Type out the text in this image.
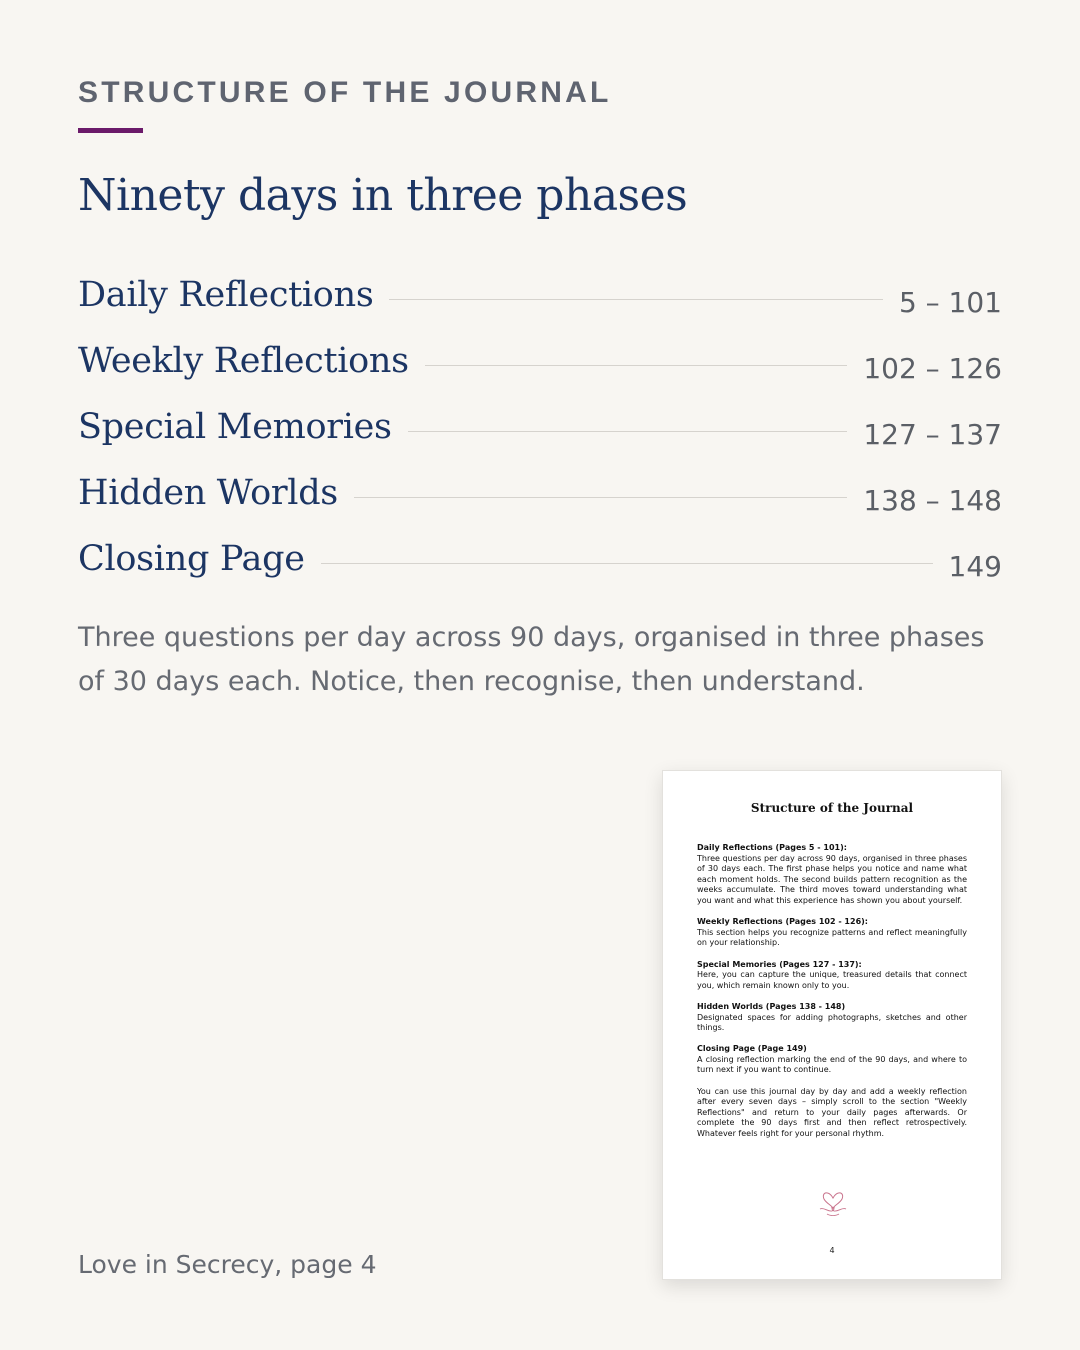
STRUCTURE OF THE JOURNAL
Ninety days in three phases
Daily Reflections	5 – 101
Weekly Reflections	102 – 126
Special Memories	127 – 137
Hidden Worlds	138 – 148
Closing Page	149

Three questions per day across 90 days, organised in three phases of 30 days each. Notice, then recognise, then understand.

Love in Secrecy, page 4
Structure of the Journal
Daily Reflections (Pages 5 - 101):
Three questions per day across 90 days, organised in three phases of 30 days each. The first phase helps you notice and name what each moment holds. The second builds pattern recognition as the weeks accumulate. The third moves toward understanding what you want and what this experience has shown you about yourself.
Weekly Reflections (Pages 102 - 126):
This section helps you recognize patterns and reflect meaningfully on your relationship.
Special Memories (Pages 127 - 137):
Here, you can capture the unique, treasured details that connect you, which remain known only to you.
Hidden Worlds (Pages 138 - 148)
Designated spaces for adding photographs, sketches and other things.
Closing Page (Page 149)
A closing reflection marking the end of the 90 days, and where to turn next if you want to continue.
You can use this journal day by day and add a weekly reflection after every seven days – simply scroll to the section "Weekly Reflections" and return to your daily pages afterwards. Or complete the 90 days first and then reflect retrospectively. Whatever feels right for your personal rhythm.
4
